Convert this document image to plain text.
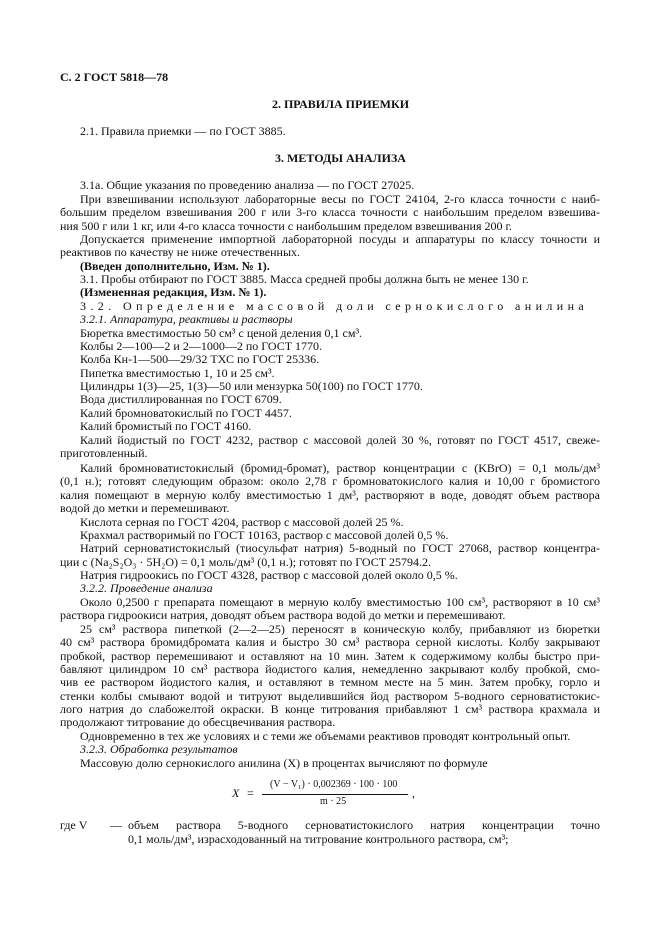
С. 2 ГОСТ 5818—78

2. ПРАВИЛА ПРИЕМКИ

2.1. Правила приемки — по ГОСТ 3885.

3. МЕТОДЫ АНАЛИЗА

3.1а. Общие указания по проведению анализа — по ГОСТ 27025.

При взвешивании используют лабораторные весы по ГОСТ 24104, 2-го класса точности с наиб-

большим пределом взвешивания 200 г или 3-го класса точности с наибольшим пределом взвешива-

ния 500 г или 1 кг, или 4-го класса точности с наибольшим пределом взвешивания 200 г.

Допускается применение импортной лабораторной посуды и аппаратуры по классу точности и

реактивов по качеству не ниже отечественных.

(Введен дополнительно, Изм. № 1).

3.1. Пробы отбирают по ГОСТ 3885. Масса средней пробы должна быть не менее 130 г.

(Измененная редакция, Изм. № 1).

3.2. Определение массовой доли сернокислого анилина

3.2.1. Аппаратура, реактивы и растворы

Бюретка вместимостью 50 см³ с ценой деления 0,1 см³.

Колбы 2—100—2 и 2—1000—2 по ГОСТ 1770.

Колба Кн-1—500—29/32 ТХС по ГОСТ 25336.

Пипетка вместимостью 1, 10 и 25 см³.

Цилиндры 1(3)—25, 1(3)—50 или мензурка 50(100) по ГОСТ 1770.

Вода дистиллированная по ГОСТ 6709.

Калий бромноватокислый по ГОСТ 4457.

Калий бромистый по ГОСТ 4160.

Калий йодистый по ГОСТ 4232, раствор с массовой долей 30 %, готовят по ГОСТ 4517, свеже-

приготовленный.

Калий бромноватистокислый (бромид-бромат), раствор концентрации c (KBrO) = 0,1 моль/дм³

(0,1 н.); готовят следующим образом: около 2,78 г бромноватокислого калия и 10,00 г бромистого

калия помещают в мерную колбу вместимостью 1 дм³, растворяют в воде, доводят объем раствора

водой до метки и перемешивают.

Кислота серная по ГОСТ 4204, раствор с массовой долей 25 %.

Крахмал растворимый по ГОСТ 10163, раствор с массовой долей 0,5 %.

Натрий серноватистокислый (тиосульфат натрия) 5-водный по ГОСТ 27068, раствор концентра-

ции c (Na₂S₂O₃ · 5H₂O) = 0,1 моль/дм³ (0,1 н.); готовят по ГОСТ 25794.2.

Натрия гидроокись по ГОСТ 4328, раствор с массовой долей около 0,5 %.

3.2.2. Проведение анализа

Около 0,2500 г препарата помещают в мерную колбу вместимостью 100 см³, растворяют в 10 см³

раствора гидроокиси натрия, доводят объем раствора водой до метки и перемешивают.

25 см³ раствора пипеткой (2—2—25) переносят в коническую колбу, прибавляют из бюретки

40 см³ раствора бромидбромата калия и быстро 30 см³ раствора серной кислоты. Колбу закрывают

пробкой, раствор перемешивают и оставляют на 10 мин. Затем к содержимому колбы быстро при-

бавляют цилиндром 10 см³ раствора йодистого калия, немедленно закрывают колбу пробкой, смо-

чив ее раствором йодистого калия, и оставляют в темном месте на 5 мин. Затем пробку, горло и

стенки колбы смывают водой и титруют выделившийся йод раствором 5-водного серноватистокис-

лого натрия до слабожелтой окраски. В конце титрования прибавляют 1 см³ раствора крахмала и

продолжают титрование до обесцвечивания раствора.

Одновременно в тех же условиях и с теми же объемами реактивов проводят контрольный опыт.

3.2.3. Обработка результатов

Массовую долю сернокислого анилина (X) в процентах вычисляют по формуле

X =
(V − V₁) · 0,002369 · 100 · 100
m · 25
,
где V — объем раствора 5-водного серноватистокислого натрия концентрации точно
0,1 моль/дм³, израсходованный на титрование контрольного раствора, см³;
